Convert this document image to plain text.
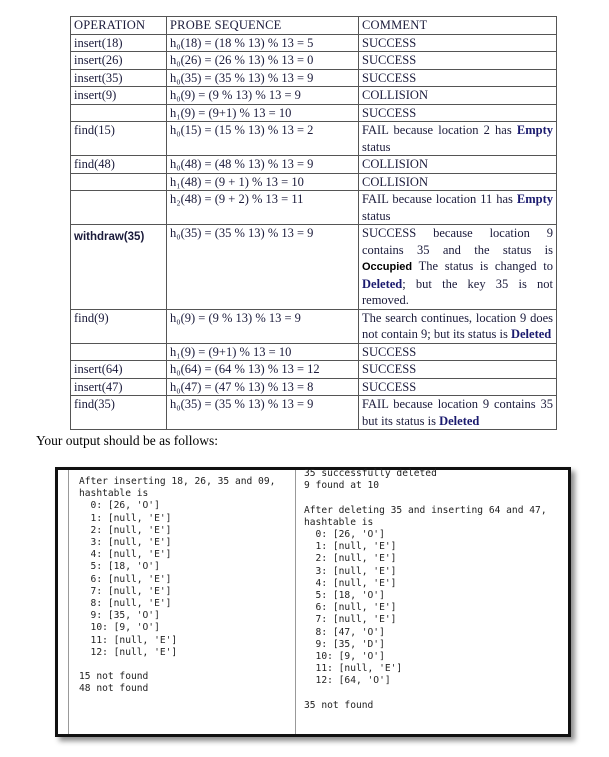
OPERATION	PROBE SEQUENCE	COMMENT
insert(18)	h₀(18) = (18 % 13) % 13 = 5	SUCCESS
insert(26)	h₀(26) = (26 % 13) % 13 = 0	SUCCESS
insert(35)	h₀(35) = (35 % 13) % 13 = 9	SUCCESS
insert(9)	h₀(9) = (9 % 13) % 13 = 9	COLLISION
	h₁(9) = (9+1) % 13 = 10	SUCCESS
find(15)	h₀(15) = (15 % 13) % 13 = 2	FAIL because location 2 has Empty status
find(48)	h₀(48) = (48 % 13) % 13 = 9	COLLISION
	h₁(48) = (9 + 1) % 13 = 10	COLLISION
	h₂(48) = (9 + 2) % 13 = 11	FAIL because location 11 has Empty status
withdraw(35)	h₀(35) = (35 % 13) % 13 = 9	SUCCESS because location 9 contains 35 and the status is Occupied The status is changed to Deleted; but the key 35 is not removed.
find(9)	h₀(9) = (9 % 13) % 13 = 9	The search continues, location 9 does not contain 9; but its status is Deleted
	h₁(9) = (9+1) % 13 = 10	SUCCESS
insert(64)	h₀(64) = (64 % 13) % 13 = 12	SUCCESS
insert(47)	h₀(47) = (47 % 13) % 13 = 8	SUCCESS
find(35)	h₀(35) = (35 % 13) % 13 = 9	FAIL because location 9 contains 35 but its status is Deleted
Your output should be as follows:
After inserting 18, 26, 35 and 09,
hashtable is
0: [26, 'O']
1: [null, 'E']
2: [null, 'E']
3: [null, 'E']
4: [null, 'E']
5: [18, 'O']
6: [null, 'E']
7: [null, 'E']
8: [null, 'E']
9: [35, 'O']
10: [9, 'O']
11: [null, 'E']
12: [null, 'E']

15 not found
48 not found
35 successfully deleted
9 found at 10

After deleting 35 and inserting 64 and 47,
hashtable is
0: [26, 'O']
1: [null, 'E']
2: [null, 'E']
3: [null, 'E']
4: [null, 'E']
5: [18, 'O']
6: [null, 'E']
7: [null, 'E']
8: [47, 'O']
9: [35, 'D']
10: [9, 'O']
11: [null, 'E']
12: [64, 'O']

35 not found
